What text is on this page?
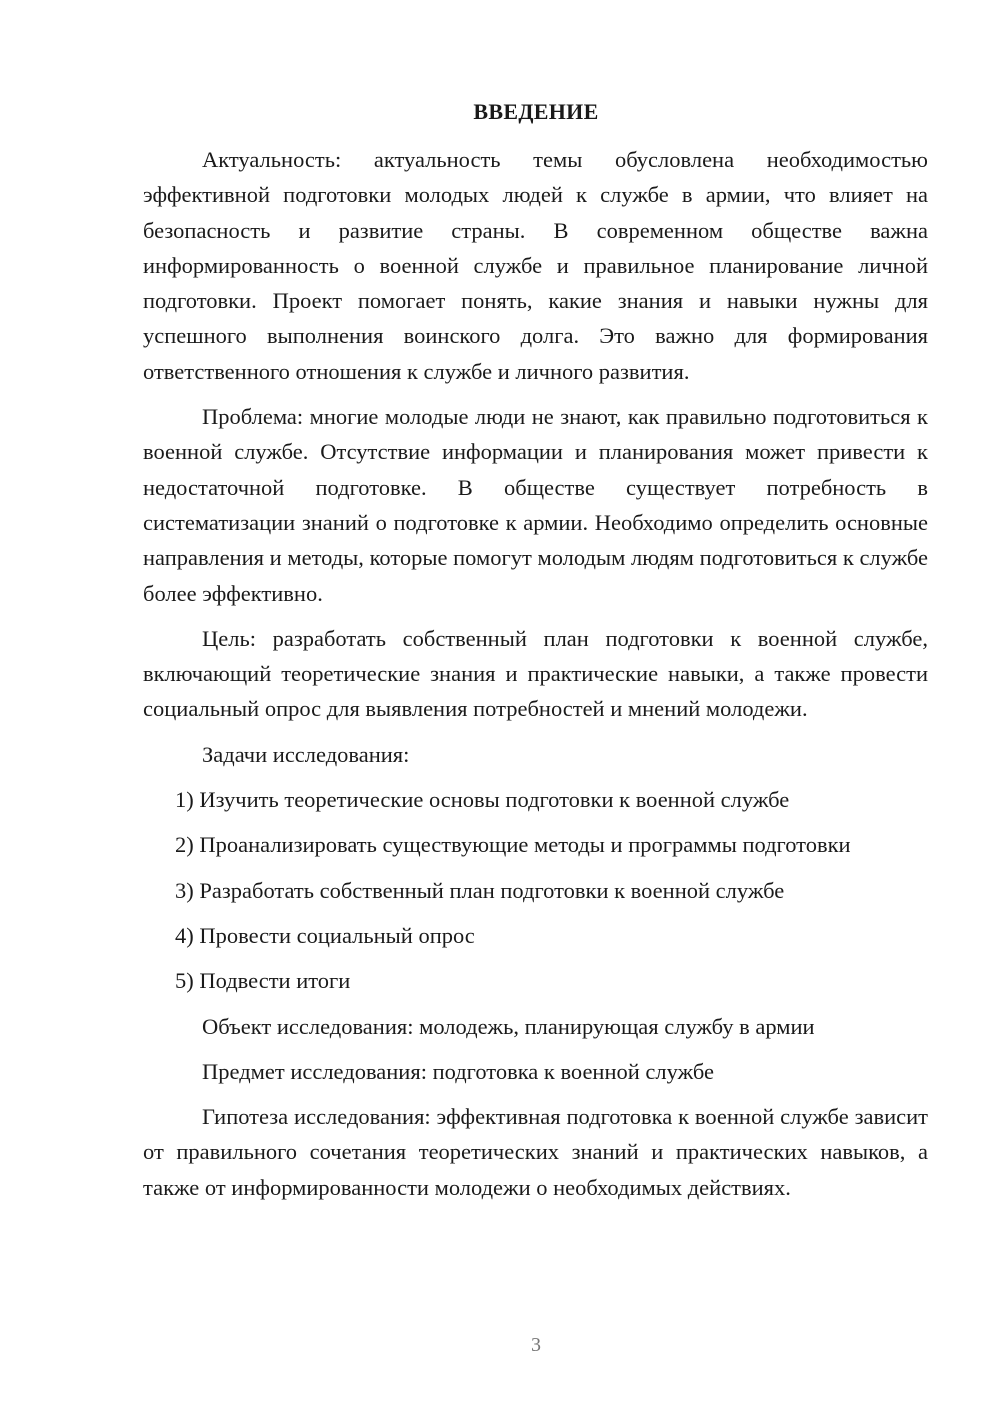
ВВЕДЕНИЕ

Актуальность: актуальность темы обусловлена необходимостью эффективной подготовки молодых людей к службе в армии, что влияет на безопасность и развитие страны. В современном обществе важна информированность о военной службе и правильное планирование личной подготовки. Проект помогает понять, какие знания и навыки нужны для успешного выполнения воинского долга. Это важно для формирования ответственного отношения к службе и личного развития.

Проблема: многие молодые люди не знают, как правильно подготовиться к военной службе. Отсутствие информации и планирования может привести к недостаточной подготовке. В обществе существует потребность в систематизации знаний о подготовке к армии. Необходимо определить основные направления и методы, которые помогут молодым людям подготовиться к службе более эффективно.

Цель: разработать собственный план подготовки к военной службе, включающий теоретические знания и практические навыки, а также провести социальный опрос для выявления потребностей и мнений молодежи.

Задачи исследования:

1) Изучить теоретические основы подготовки к военной службе

2) Проанализировать существующие методы и программы подготовки

3) Разработать собственный план подготовки к военной службе

4) Провести социальный опрос

5) Подвести итоги

Объект исследования: молодежь, планирующая службу в армии

Предмет исследования: подготовка к военной службе

Гипотеза исследования: эффективная подготовка к военной службе зависит от правильного сочетания теоретических знаний и практических навыков, а также от информированности молодежи о необходимых действиях.

3
